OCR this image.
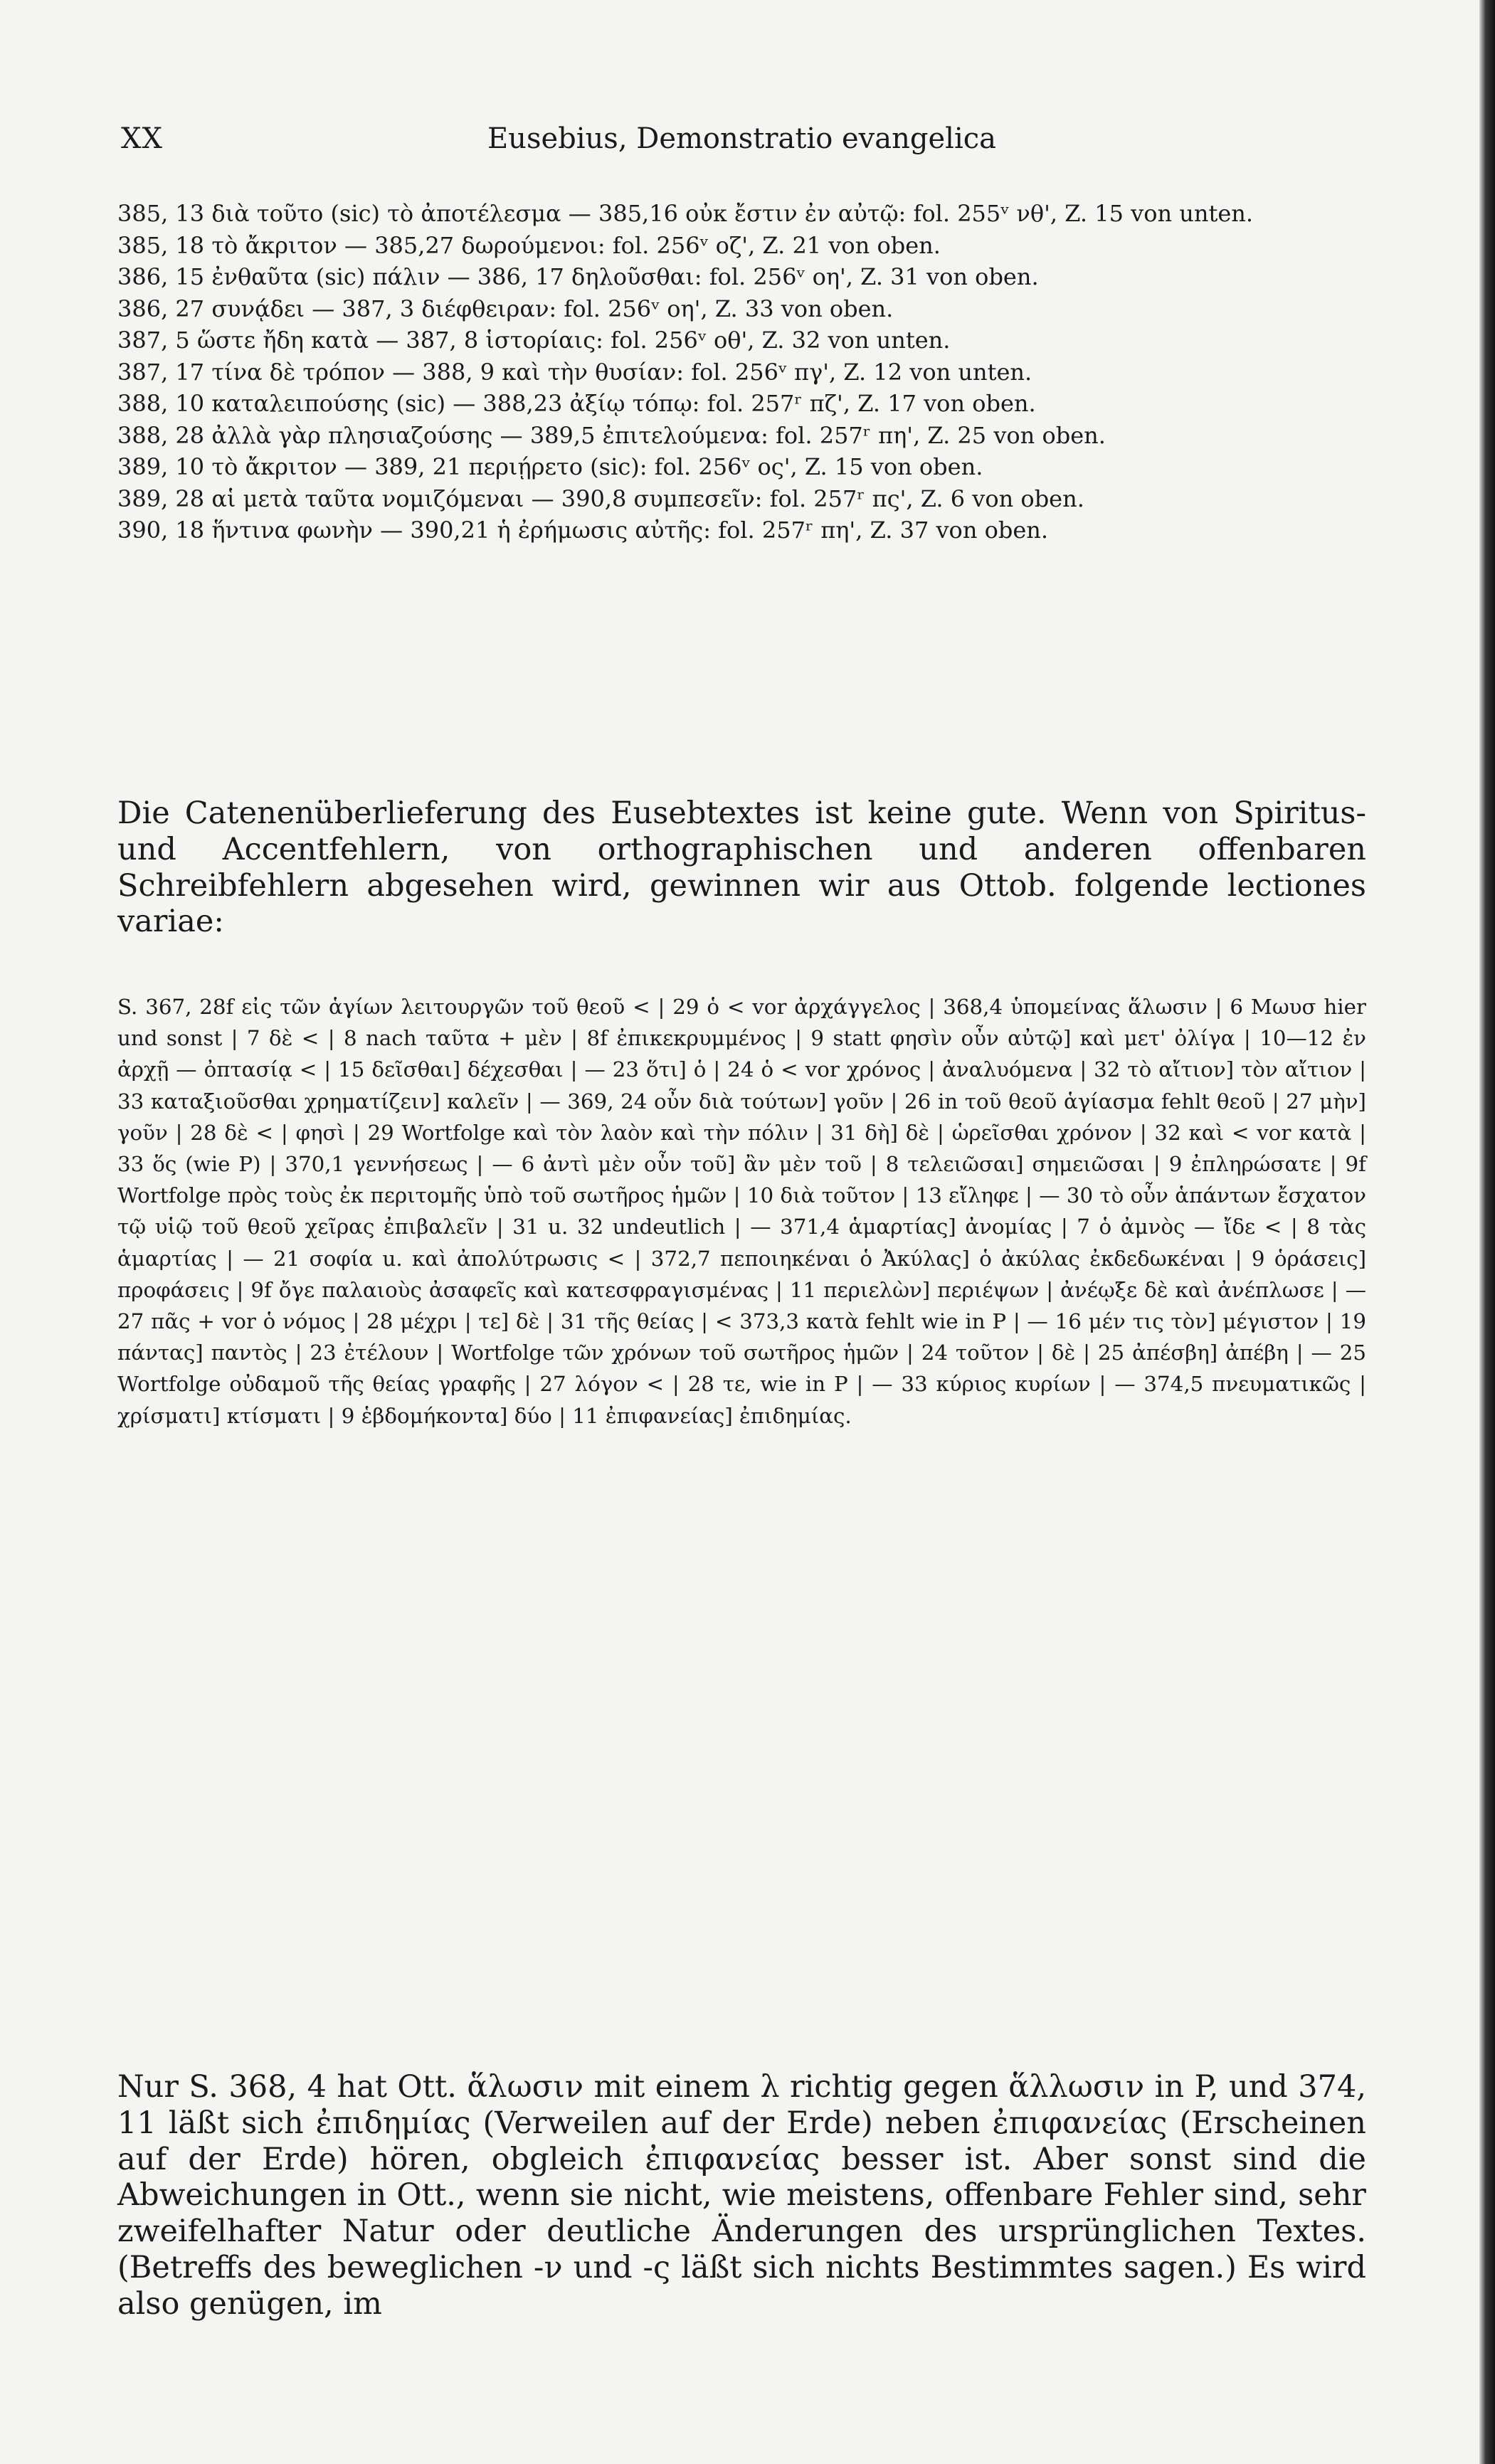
XX	Eusebius, Demonstratio evangelica

385, 13 διὰ τοῦτο (sic) τὸ ἀποτέλεσμα — 385,16 οὐκ ἔστιν ἐν αὐτῷ: fol. 255ᵛ νθ', Z. 15 von unten.

385, 18 τὸ ἄκριτον — 385,27 δωρούμενοι: fol. 256ᵛ οζ', Z. 21 von oben.

386, 15 ἐνθαῦτα (sic) πάλιν — 386, 17 δηλοῦσθαι: fol. 256ᵛ οη', Z. 31 von oben.

386, 27 συνᾴδει — 387, 3 διέφθειραν: fol. 256ᵛ οη', Z. 33 von oben.

387, 5 ὥστε ἤδη κατὰ — 387, 8 ἱστορίαις: fol. 256ᵛ οθ', Z. 32 von unten.

387, 17 τίνα δὲ τρόπον — 388, 9 καὶ τὴν θυσίαν: fol. 256ᵛ πγ', Z. 12 von unten.

388, 10 καταλειπούσης (sic) — 388,23 ἀξίῳ τόπῳ: fol. 257ʳ πζ', Z. 17 von oben.

388, 28 ἀλλὰ γὰρ πλησιαζούσης — 389,5 ἐπιτελούμενα: fol. 257ʳ πη', Z. 25 von oben.

389, 10 τὸ ἄκριτον — 389, 21 περιῄρετο (sic): fol. 256ᵛ ος', Z. 15 von oben.

389, 28 αἱ μετὰ ταῦτα νομιζόμεναι — 390,8 συμπεσεῖν: fol. 257ʳ πς', Z. 6 von oben.

390, 18 ἥντινα φωνὴν — 390,21 ἡ ἐρήμωσις αὐτῆς: fol. 257ʳ πη', Z. 37 von oben.

Die Catenenüberlieferung des Eusebtextes ist keine gute. Wenn von Spiritus- und Accentfehlern, von orthographischen und anderen offenbaren Schreibfehlern abgesehen wird, gewinnen wir aus Ottob. folgende lectiones variae:

S. 367, 28f εἰς τῶν ἁγίων λειτουργῶν τοῦ θεοῦ < | 29 ὁ < vor ἀρχάγγελος | 368,4 ὑπομείνας ἅλωσιν | 6 Μωυσ hier und sonst | 7 δὲ < | 8 nach ταῦτα + μὲν | 8f ἐπικεκρυμμένος | 9 statt φησὶν οὖν αὐτῷ] καὶ μετ' ὀλίγα | 10—12 ἐν ἀρχῇ — ὀπτασίᾳ < | 15 δεῖσθαι] δέχεσθαι | — 23 ὅτι] ὁ | 24 ὁ < vor χρόνος | ἀναλυόμενα | 32 τὸ αἴτιον] τὸν αἴτιον | 33 καταξιοῦσθαι χρηματίζειν] καλεῖν | — 369, 24 οὖν διὰ τούτων] γοῦν | 26 in τοῦ θεοῦ ἁγίασμα fehlt θεοῦ | 27 μὴν] γοῦν | 28 δὲ < | φησὶ | 29 Wortfolge καὶ τὸν λαὸν καὶ τὴν πόλιν | 31 δὴ] δὲ | ὡρεῖσθαι χρόνον | 32 καὶ < vor κατὰ | 33 ὅς (wie P) | 370,1 γεννήσεως | — 6 ἀντὶ μὲν οὖν τοῦ] ἂν μὲν τοῦ | 8 τελειῶσαι] σημειῶσαι | 9 ἐπληρώσατε | 9f Wortfolge πρὸς τοὺς ἐκ περιτομῆς ὑπὸ τοῦ σωτῆρος ἡμῶν | 10 διὰ τοῦτον | 13 εἴληφε | — 30 τὸ οὖν ἁπάντων ἔσχατον τῷ υἱῷ τοῦ θεοῦ χεῖρας ἐπιβαλεῖν | 31 u. 32 undeutlich | — 371,4 ἁμαρτίας] ἀνομίας | 7 ὁ ἀμνὸς — ἴδε < | 8 τὰς ἁμαρτίας | — 21 σοφία u. καὶ ἀπολύτρωσις < | 372,7 πεποιηκέναι ὁ Ἀκύλας] ὁ ἀκύλας ἐκδεδωκέναι | 9 ὁράσεις] προφάσεις | 9f ὄγε παλαιοὺς ἀσαφεῖς καὶ κατεσφραγισμένας | 11 περιελὼν] περιέψων | ἀνέῳξε δὲ καὶ ἀνέπλωσε | — 27 πᾶς + vor ὁ νόμος | 28 μέχρι | τε] δὲ | 31 τῆς θείας | < 373,3 κατὰ fehlt wie in P | — 16 μέν τις τὸν] μέγιστον | 19 πάντας] παντὸς | 23 ἐτέλουν | Wortfolge τῶν χρόνων τοῦ σωτῆρος ἡμῶν | 24 τοῦτον | δὲ | 25 ἀπέσβη] ἀπέβη | — 25 Wortfolge οὐδαμοῦ τῆς θείας γραφῆς | 27 λόγον < | 28 τε, wie in P | — 33 κύριος κυρίων | — 374,5 πνευματικῶς | χρίσματι] κτίσματι | 9 ἑβδομήκοντα] δύο | 11 ἐπιφανείας] ἐπιδημίας.

Nur S. 368, 4 hat Ott. ἅλωσιν mit einem λ richtig gegen ἅλλωσιν in P, und 374, 11 läßt sich ἐπιδημίας (Verweilen auf der Erde) neben ἐπιφανείας (Erscheinen auf der Erde) hören, obgleich ἐπιφανείας besser ist. Aber sonst sind die Abweichungen in Ott., wenn sie nicht, wie meistens, offenbare Fehler sind, sehr zweifelhafter Natur oder deutliche Änderungen des ursprünglichen Textes. (Betreffs des beweglichen -ν und -ς läßt sich nichts Bestimmtes sagen.) Es wird also genügen, im
